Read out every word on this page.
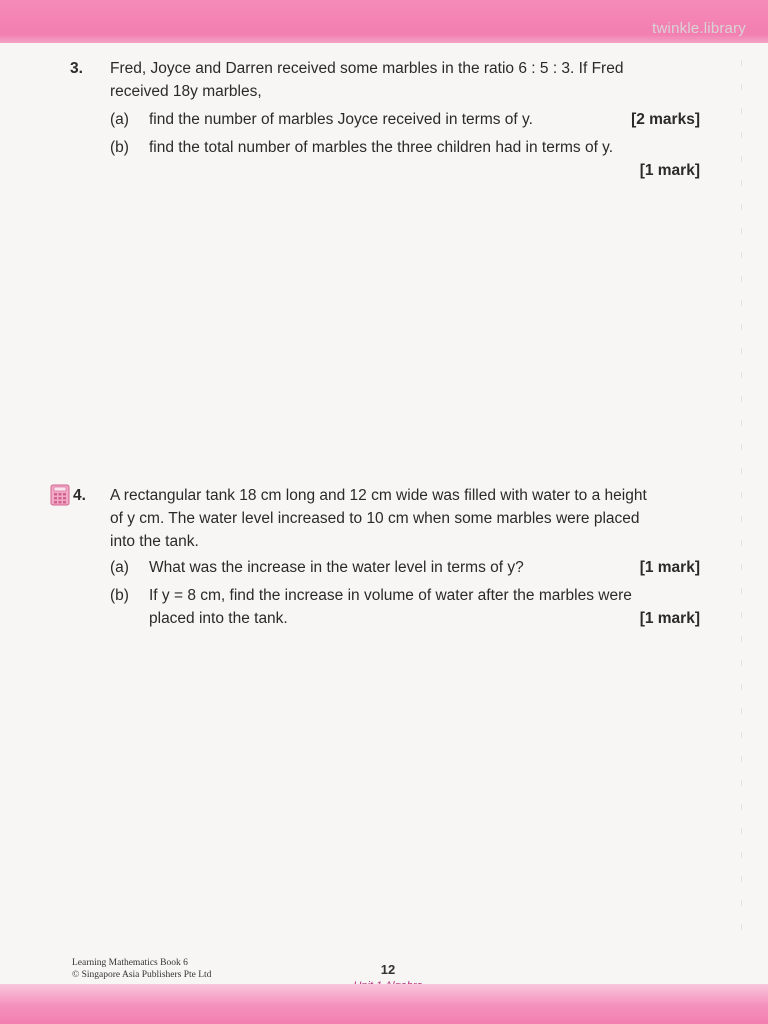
twinkle.library
3. Fred, Joyce and Darren received some marbles in the ratio 6 : 5 : 3. If Fred
received 18y marbles,
(a) find the number of marbles Joyce received in terms of y.	[2 marks]
(b) find the total number of marbles the three children had in terms of y.
[1 mark]
4. A rectangular tank 18 cm long and 12 cm wide was filled with water to a height
of y cm. The water level increased to 10 cm when some marbles were placed
into the tank.
(a) What was the increase in the water level in terms of y?	[1 mark]
(b) If y = 8 cm, find the increase in volume of water after the marbles were
placed into the tank.	[1 mark]
Learning Mathematics Book 6
© Singapore Asia Publishers Pte Ltd	12
